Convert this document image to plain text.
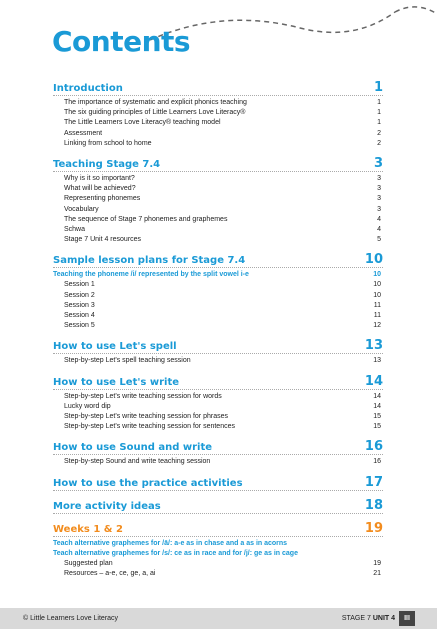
Contents
Introduction	1
The importance of systematic and explicit phonics teaching	1
The six guiding principles of Little Learners Love Literacy®	1
The Little Learners Love Literacy® teaching model	1
Assessment	2
Linking from school to home	2
Teaching Stage 7.4	3
Why is it so important?	3
What will be achieved?	3
Representing phonemes	3
Vocabulary	3
The sequence of Stage 7 phonemes and graphemes	4
Schwa	4
Stage 7 Unit 4 resources	5
Sample lesson plans for Stage 7.4	10
Teaching the phoneme /i/ represented by the split vowel i-e	10
Session 1	10
Session 2	10
Session 3	11
Session 4	11
Session 5	12
How to use Let's spell	13
Step-by-step Let's spell teaching session	13
How to use Let's write	14
Step-by-step Let's write teaching session for words	14
Lucky word dip	14
Step-by-step Let's write teaching session for phrases	15
Step-by-step Let's write teaching session for sentences	15
How to use Sound and write	16
Step-by-step Sound and write teaching session	16
How to use the practice activities	17
More activity ideas	18
Weeks 1 & 2	19
Teach alternative graphemes for /ā/: a-e as in chase and a as in acorns
Teach alternative graphemes for /s/: ce as in race and for /j/: ge as in cage
Suggested plan	19
Resources – a-e, ce, ge, a, ai	21
© Little Learners Love Literacy	STAGE 7 UNIT 4	III
